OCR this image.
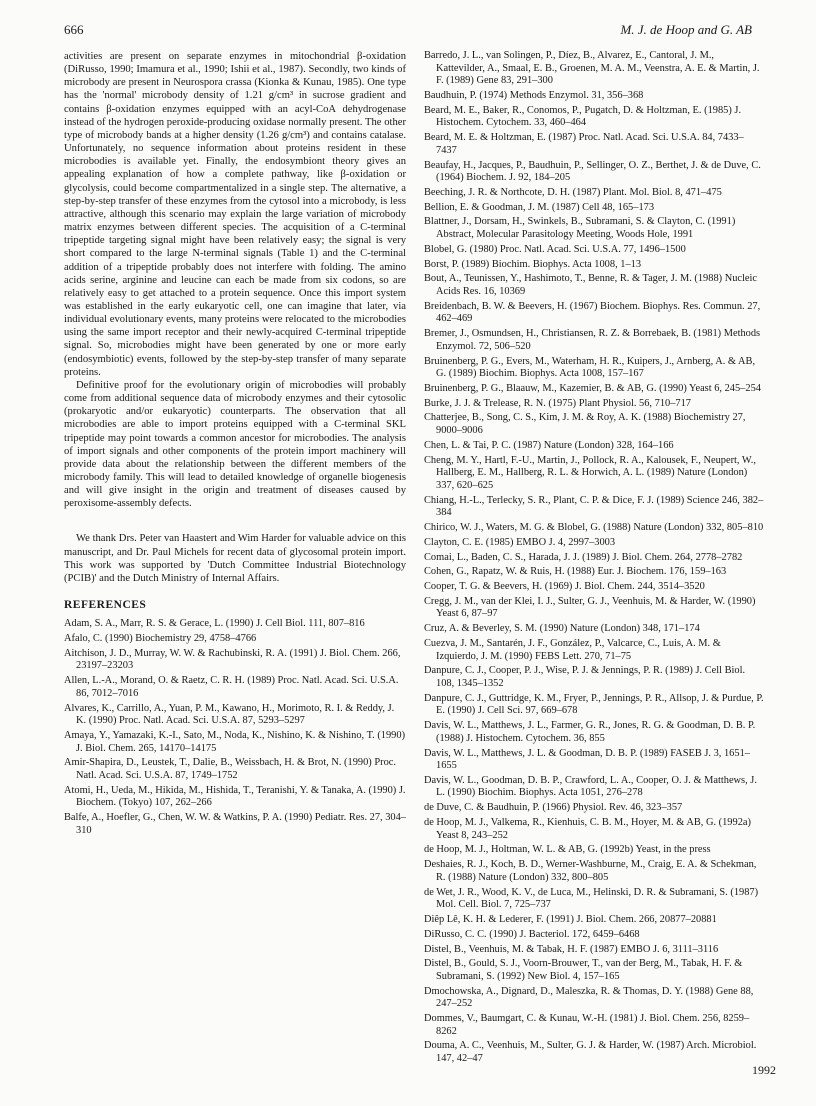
666	M. J. de Hoop and G. AB

activities are present on separate enzymes in mitochondrial β-oxidation (DiRusso, 1990; Imamura et al., 1990; Ishii et al., 1987). Secondly, two kinds of microbody are present in Neurospora crassa (Kionka & Kunau, 1985). One type has the 'normal' microbody density of 1.21 g/cm³ in sucrose gradient and contains β-oxidation enzymes equipped with an acyl-CoA dehydrogenase instead of the hydrogen peroxide-producing oxidase normally present. The other type of microbody bands at a higher density (1.26 g/cm³) and contains catalase. Unfortunately, no sequence information about proteins resident in these microbodies is available yet. Finally, the endosymbiont theory gives an appealing explanation of how a complete pathway, like β-oxidation or glycolysis, could become compartmentalized in a single step. The alternative, a step-by-step transfer of these enzymes from the cytosol into a microbody, is less attractive, although this scenario may explain the large variation of microbody matrix enzymes between different species. The acquisition of a C-terminal tripeptide targeting signal might have been relatively easy; the signal is very short compared to the large N-terminal signals (Table 1) and the C-terminal addition of a tripeptide probably does not interfere with folding. The amino acids serine, arginine and leucine can each be made from six codons, so are relatively easy to get attached to a protein sequence. Once this import system was established in the early eukaryotic cell, one can imagine that later, via individual evolutionary events, many proteins were relocated to the microbodies using the same import receptor and their newly-acquired C-terminal tripeptide signal. So, microbodies might have been generated by one or more early (endosymbiotic) events, followed by the step-by-step transfer of many separate proteins.

Definitive proof for the evolutionary origin of microbodies will probably come from additional sequence data of microbody enzymes and their cytosolic (prokaryotic and/or eukaryotic) counterparts. The observation that all microbodies are able to import proteins equipped with a C-terminal SKL tripeptide may point towards a common ancestor for microbodies. The analysis of import signals and other components of the protein import machinery will provide data about the relationship between the different members of the microbody family. This will lead to detailed knowledge of organelle biogenesis and will give insight in the origin and treatment of diseases caused by peroxisome-assembly defects.

We thank Drs. Peter van Haastert and Wim Harder for valuable advice on this manuscript, and Dr. Paul Michels for recent data of glycosomal protein import. This work was supported by 'Dutch Committee Industrial Biotechnology (PCIB)' and the Dutch Ministry of Internal Affairs.

REFERENCES
Adam, S. A., Marr, R. S. & Gerace, L. (1990) J. Cell Biol. 111, 807–816
Afalo, C. (1990) Biochemistry 29, 4758–4766
Aitchison, J. D., Murray, W. W. & Rachubinski, R. A. (1991) J. Biol. Chem. 266, 23197–23203
Allen, L.-A., Morand, O. & Raetz, C. R. H. (1989) Proc. Natl. Acad. Sci. U.S.A. 86, 7012–7016
Alvares, K., Carrillo, A., Yuan, P. M., Kawano, H., Morimoto, R. I. & Reddy, J. K. (1990) Proc. Natl. Acad. Sci. U.S.A. 87, 5293–5297
Amaya, Y., Yamazaki, K.-I., Sato, M., Noda, K., Nishino, K. & Nishino, T. (1990) J. Biol. Chem. 265, 14170–14175
Amir-Shapira, D., Leustek, T., Dalie, B., Weissbach, H. & Brot, N. (1990) Proc. Natl. Acad. Sci. U.S.A. 87, 1749–1752
Atomi, H., Ueda, M., Hikida, M., Hishida, T., Teranishi, Y. & Tanaka, A. (1990) J. Biochem. (Tokyo) 107, 262–266
Balfe, A., Hoefler, G., Chen, W. W. & Watkins, P. A. (1990) Pediatr. Res. 27, 304–310
Barredo, J. L., van Solingen, P., Díez, B., Alvarez, E., Cantoral, J. M., Kattevilder, A., Smaal, E. B., Groenen, M. A. M., Veenstra, A. E. & Martin, J. F. (1989) Gene 83, 291–300
Baudhuin, P. (1974) Methods Enzymol. 31, 356–368
Beard, M. E., Baker, R., Conomos, P., Pugatch, D. & Holtzman, E. (1985) J. Histochem. Cytochem. 33, 460–464
Beard, M. E. & Holtzman, E. (1987) Proc. Natl. Acad. Sci. U.S.A. 84, 7433–7437
Beaufay, H., Jacques, P., Baudhuin, P., Sellinger, O. Z., Berthet, J. & de Duve, C. (1964) Biochem. J. 92, 184–205
Beeching, J. R. & Northcote, D. H. (1987) Plant. Mol. Biol. 8, 471–475
Bellion, E. & Goodman, J. M. (1987) Cell 48, 165–173
Blattner, J., Dorsam, H., Swinkels, B., Subramani, S. & Clayton, C. (1991) Abstract, Molecular Parasitology Meeting, Woods Hole, 1991
Blobel, G. (1980) Proc. Natl. Acad. Sci. U.S.A. 77, 1496–1500
Borst, P. (1989) Biochim. Biophys. Acta 1008, 1–13
Bout, A., Teunissen, Y., Hashimoto, T., Benne, R. & Tager, J. M. (1988) Nucleic Acids Res. 16, 10369
Breidenbach, B. W. & Beevers, H. (1967) Biochem. Biophys. Res. Commun. 27, 462–469
Bremer, J., Osmundsen, H., Christiansen, R. Z. & Borrebaek, B. (1981) Methods Enzymol. 72, 506–520
Bruinenberg, P. G., Evers, M., Waterham, H. R., Kuipers, J., Arnberg, A. & AB, G. (1989) Biochim. Biophys. Acta 1008, 157–167
Bruinenberg, P. G., Blaauw, M., Kazemier, B. & AB, G. (1990) Yeast 6, 245–254
Burke, J. J. & Trelease, R. N. (1975) Plant Physiol. 56, 710–717
Chatterjee, B., Song, C. S., Kim, J. M. & Roy, A. K. (1988) Biochemistry 27, 9000–9006
Chen, L. & Tai, P. C. (1987) Nature (London) 328, 164–166
Cheng, M. Y., Hartl, F.-U., Martin, J., Pollock, R. A., Kalousek, F., Neupert, W., Hallberg, E. M., Hallberg, R. L. & Horwich, A. L. (1989) Nature (London) 337, 620–625
Chiang, H.-L., Terlecky, S. R., Plant, C. P. & Dice, F. J. (1989) Science 246, 382–384
Chirico, W. J., Waters, M. G. & Blobel, G. (1988) Nature (London) 332, 805–810
Clayton, C. E. (1985) EMBO J. 4, 2997–3003
Comai, L., Baden, C. S., Harada, J. J. (1989) J. Biol. Chem. 264, 2778–2782
Cohen, G., Rapatz, W. & Ruis, H. (1988) Eur. J. Biochem. 176, 159–163
Cooper, T. G. & Beevers, H. (1969) J. Biol. Chem. 244, 3514–3520
Cregg, J. M., van der Klei, I. J., Sulter, G. J., Veenhuis, M. & Harder, W. (1990) Yeast 6, 87–97
Cruz, A. & Beverley, S. M. (1990) Nature (London) 348, 171–174
Cuezva, J. M., Santarén, J. F., González, P., Valcarce, C., Luis, A. M. & Izquierdo, J. M. (1990) FEBS Lett. 270, 71–75
Danpure, C. J., Cooper, P. J., Wise, P. J. & Jennings, P. R. (1989) J. Cell Biol. 108, 1345–1352
Danpure, C. J., Guttridge, K. M., Fryer, P., Jennings, P. R., Allsop, J. & Purdue, P. E. (1990) J. Cell Sci. 97, 669–678
Davis, W. L., Matthews, J. L., Farmer, G. R., Jones, R. G. & Goodman, D. B. P. (1988) J. Histochem. Cytochem. 36, 855
Davis, W. L., Matthews, J. L. & Goodman, D. B. P. (1989) FASEB J. 3, 1651–1655
Davis, W. L., Goodman, D. B. P., Crawford, L. A., Cooper, O. J. & Matthews, J. L. (1990) Biochim. Biophys. Acta 1051, 276–278
de Duve, C. & Baudhuin, P. (1966) Physiol. Rev. 46, 323–357
de Hoop, M. J., Valkema, R., Kienhuis, C. B. M., Hoyer, M. & AB, G. (1992a) Yeast 8, 243–252
de Hoop, M. J., Holtman, W. L. & AB, G. (1992b) Yeast, in the press
Deshaies, R. J., Koch, B. D., Werner-Washburne, M., Craig, E. A. & Schekman, R. (1988) Nature (London) 332, 800–805
de Wet, J. R., Wood, K. V., de Luca, M., Helinski, D. R. & Subramani, S. (1987) Mol. Cell. Biol. 7, 725–737
Diêp Lê, K. H. & Lederer, F. (1991) J. Biol. Chem. 266, 20877–20881
DiRusso, C. C. (1990) J. Bacteriol. 172, 6459–6468
Distel, B., Veenhuis, M. & Tabak, H. F. (1987) EMBO J. 6, 3111–3116
Distel, B., Gould, S. J., Voorn-Brouwer, T., van der Berg, M., Tabak, H. F. & Subramani, S. (1992) New Biol. 4, 157–165
Dmochowska, A., Dignard, D., Maleszka, R. & Thomas, D. Y. (1988) Gene 88, 247–252
Dommes, V., Baumgart, C. & Kunau, W.-H. (1981) J. Biol. Chem. 256, 8259–8262
Douma, A. C., Veenhuis, M., Sulter, G. J. & Harder, W. (1987) Arch. Microbiol. 147, 42–47
1992
